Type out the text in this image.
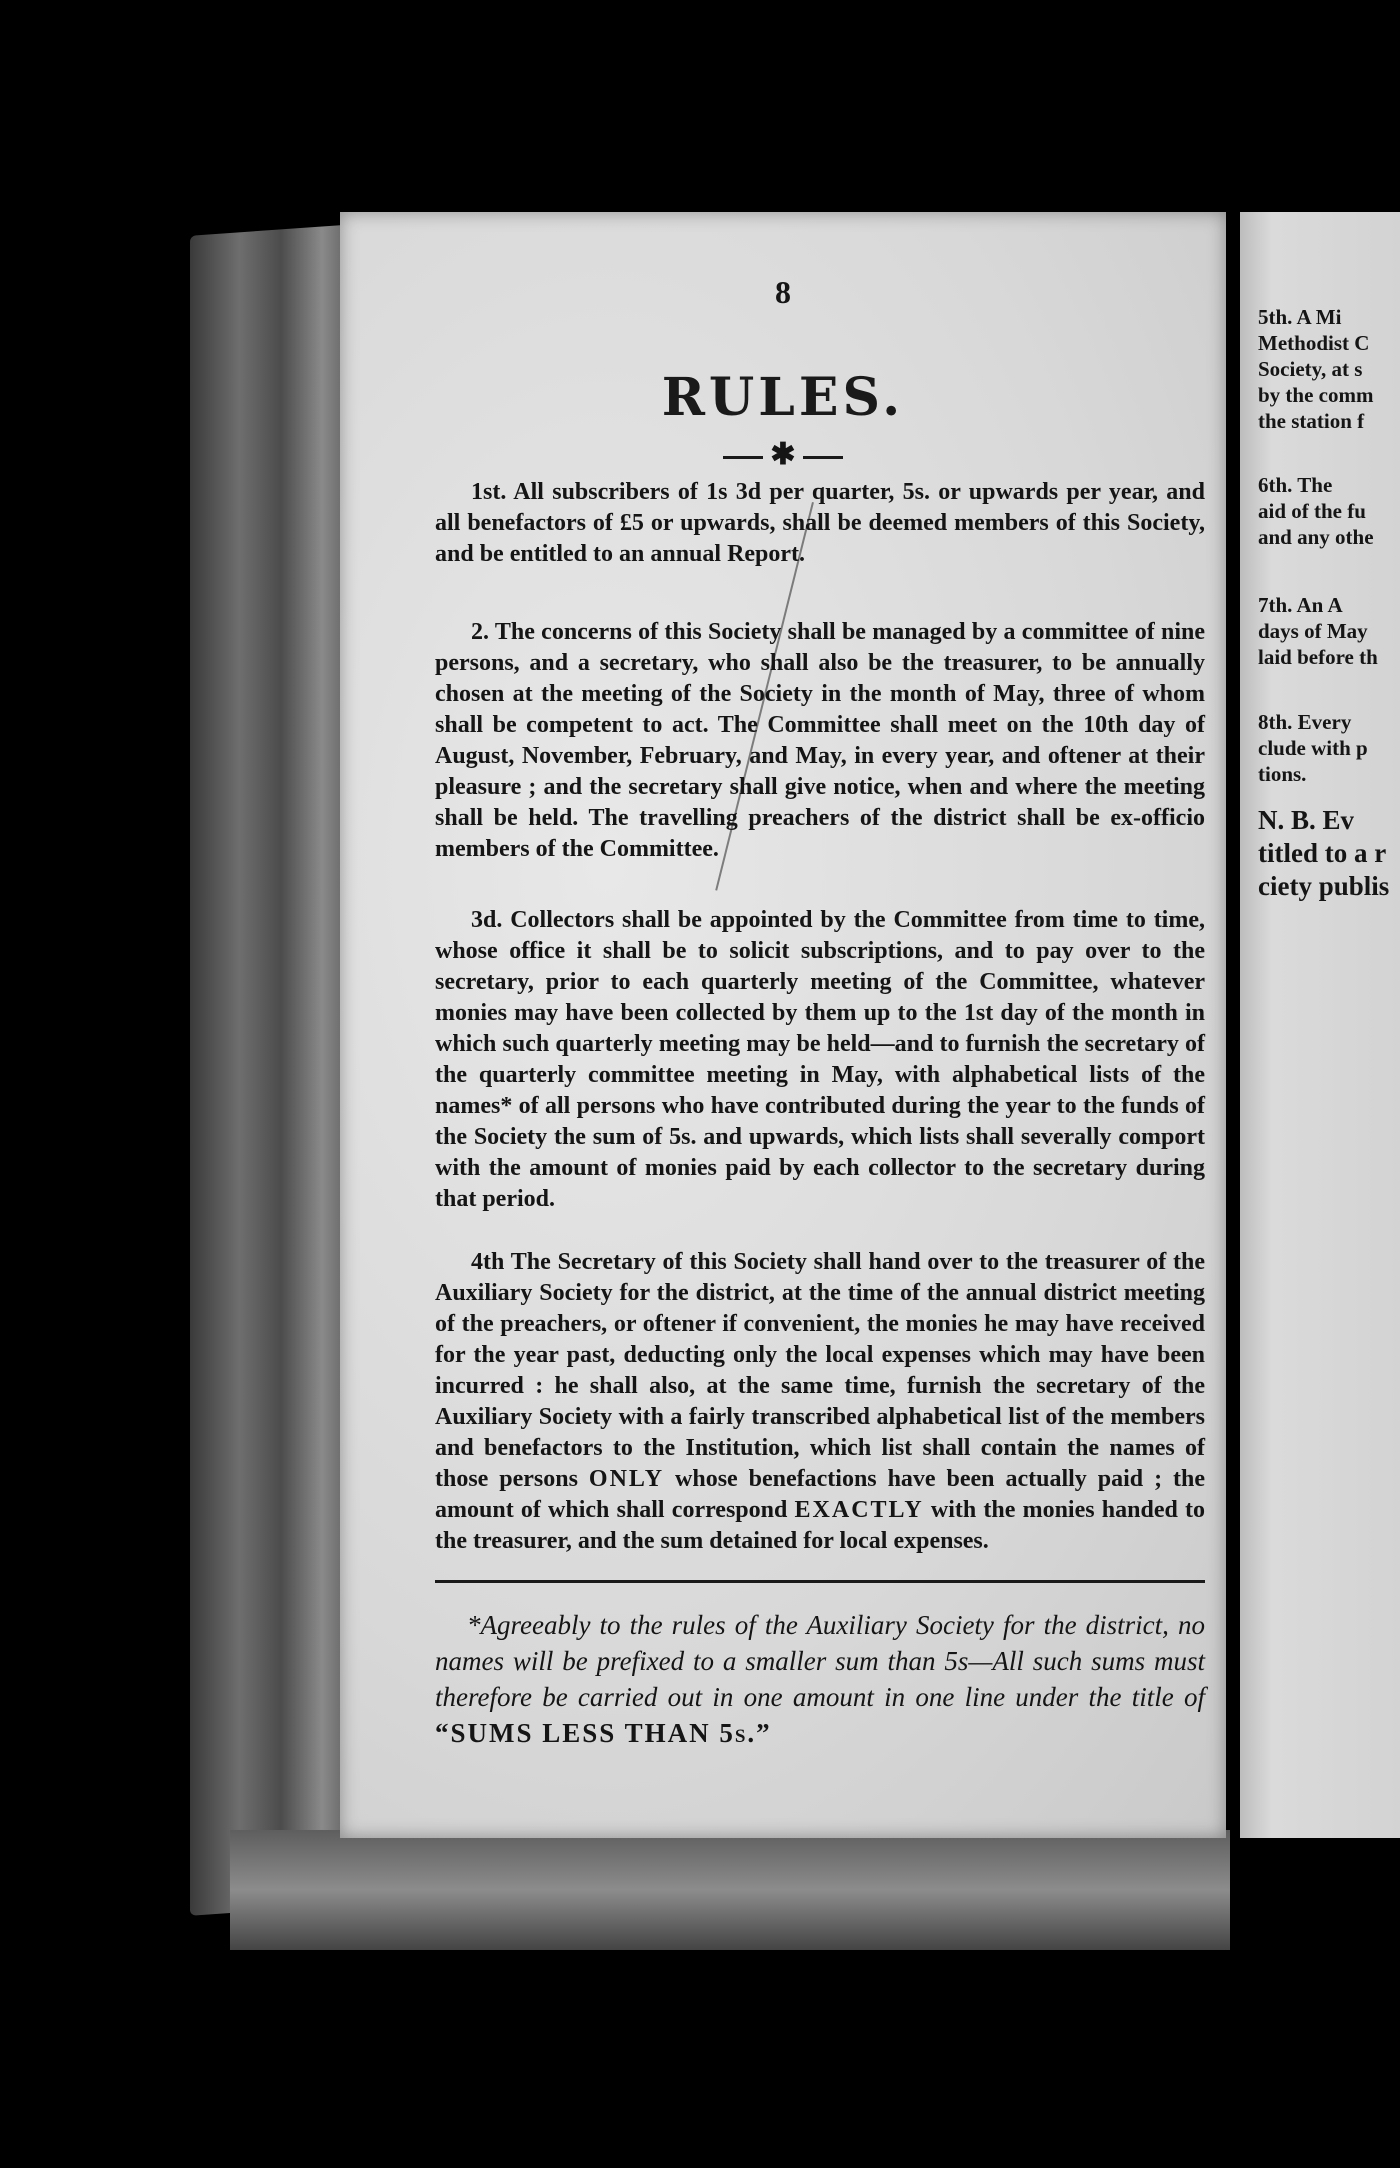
8
RULES.
✱

1st. All subscribers of 1s 3d per quarter, 5s. or upwards per year, and all benefactors of £5 or upwards, shall be deemed members of this Society, and be entitled to an annual Report.

2. The concerns of this Society shall be managed by a committee of nine persons, and a secretary, who shall also be the treasurer, to be annually chosen at the meeting of the Society in the month of May, three of whom shall be competent to act. The Committee shall meet on the 10th day of August, November, February, and May, in every year, and oftener at their pleasure ; and the secretary shall give notice, when and where the meeting shall be held. The travelling preachers of the district shall be ex-officio members of the Committee.

3d. Collectors shall be appointed by the Committee from time to time, whose office it shall be to solicit subscriptions, and to pay over to the secretary, prior to each quarterly meeting of the Committee, whatever monies may have been collected by them up to the 1st day of the month in which such quarterly meeting may be held—and to furnish the secretary of the quarterly committee meeting in May, with alphabetical lists of the names* of all persons who have contributed during the year to the funds of the Society the sum of 5s. and upwards, which lists shall severally comport with the amount of monies paid by each collector to the secretary during that period.

4th The Secretary of this Society shall hand over to the treasurer of the Auxiliary Society for the district, at the time of the annual district meeting of the preachers, or oftener if convenient, the monies he may have received for the year past, deducting only the local expenses which may have been incurred : he shall also, at the same time, furnish the secretary of the Auxiliary Society with a fairly transcribed alphabetical list of the members and benefactors to the Institution, which list shall contain the names of those persons ONLY whose benefactions have been actually paid ; the amount of which shall correspond EXACTLY with the monies handed to the treasurer, and the sum detained for local expenses.

*Agreeably to the rules of the Auxiliary Society for the district, no names will be prefixed to a smaller sum than 5s—All such sums must therefore be carried out in one amount in one line under the title of “SUMS LESS THAN 5s.”

5th. A Mi
Methodist C
Society, at s
by the comm
the station f
6th. The
aid of the fu
and any othe
7th. An A
days of May
laid before th
8th. Every
clude with p
tions.
N. B. Ev
titled to a r
ciety publis
